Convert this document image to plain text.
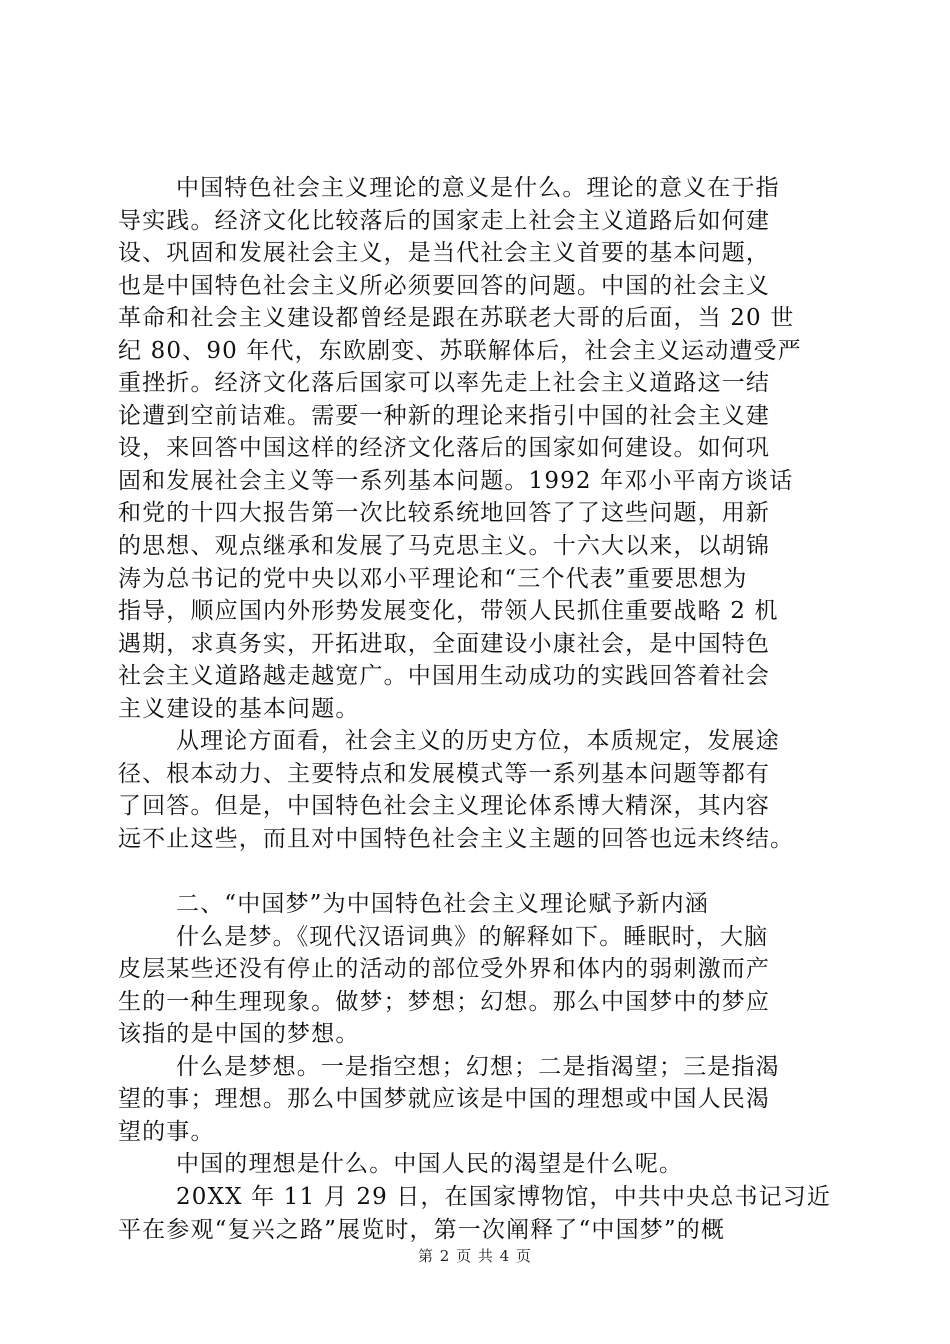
中国特色社会主义理论的意义是什么。理论的意义在于指
导实践。经济文化比较落后的国家走上社会主义道路后如何建
设、巩固和发展社会主义，是当代社会主义首要的基本问题，
也是中国特色社会主义所必须要回答的问题。中国的社会主义
革命和社会主义建设都曾经是跟在苏联老大哥的后面，当 20 世
纪 80、90 年代，东欧剧变、苏联解体后，社会主义运动遭受严
重挫折。经济文化落后国家可以率先走上社会主义道路这一结
论遭到空前诘难。需要一种新的理论来指引中国的社会主义建
设，来回答中国这样的经济文化落后的国家如何建设。如何巩
固和发展社会主义等一系列基本问题。1992 年邓小平南方谈话
和党的十四大报告第一次比较系统地回答了了这些问题，用新
的思想、观点继承和发展了马克思主义。十六大以来，以胡锦
涛为总书记的党中央以邓小平理论和“三个代表”重要思想为
指导，顺应国内外形势发展变化，带领人民抓住重要战略 2 机
遇期，求真务实，开拓进取，全面建设小康社会，是中国特色
社会主义道路越走越宽广。中国用生动成功的实践回答着社会
主义建设的基本问题。
从理论方面看，社会主义的历史方位，本质规定，发展途
径、根本动力、主要特点和发展模式等一系列基本问题等都有
了回答。但是，中国特色社会主义理论体系博大精深，其内容
远不止这些，而且对中国特色社会主义主题的回答也远未终结。
二、“中国梦”为中国特色社会主义理论赋予新内涵
什么是梦。《现代汉语词典》的解释如下。睡眠时，大脑
皮层某些还没有停止的活动的部位受外界和体内的弱刺激而产
生的一种生理现象。做梦；梦想；幻想。那么中国梦中的梦应
该指的是中国的梦想。
什么是梦想。一是指空想；幻想；二是指渴望；三是指渴
望的事；理想。那么中国梦就应该是中国的理想或中国人民渴
望的事。
中国的理想是什么。中国人民的渴望是什么呢。
20XX 年 11 月 29 日，在国家博物馆，中共中央总书记习近
平在参观“复兴之路”展览时，第一次阐释了“中国梦”的概
第 2 页 共 4 页
